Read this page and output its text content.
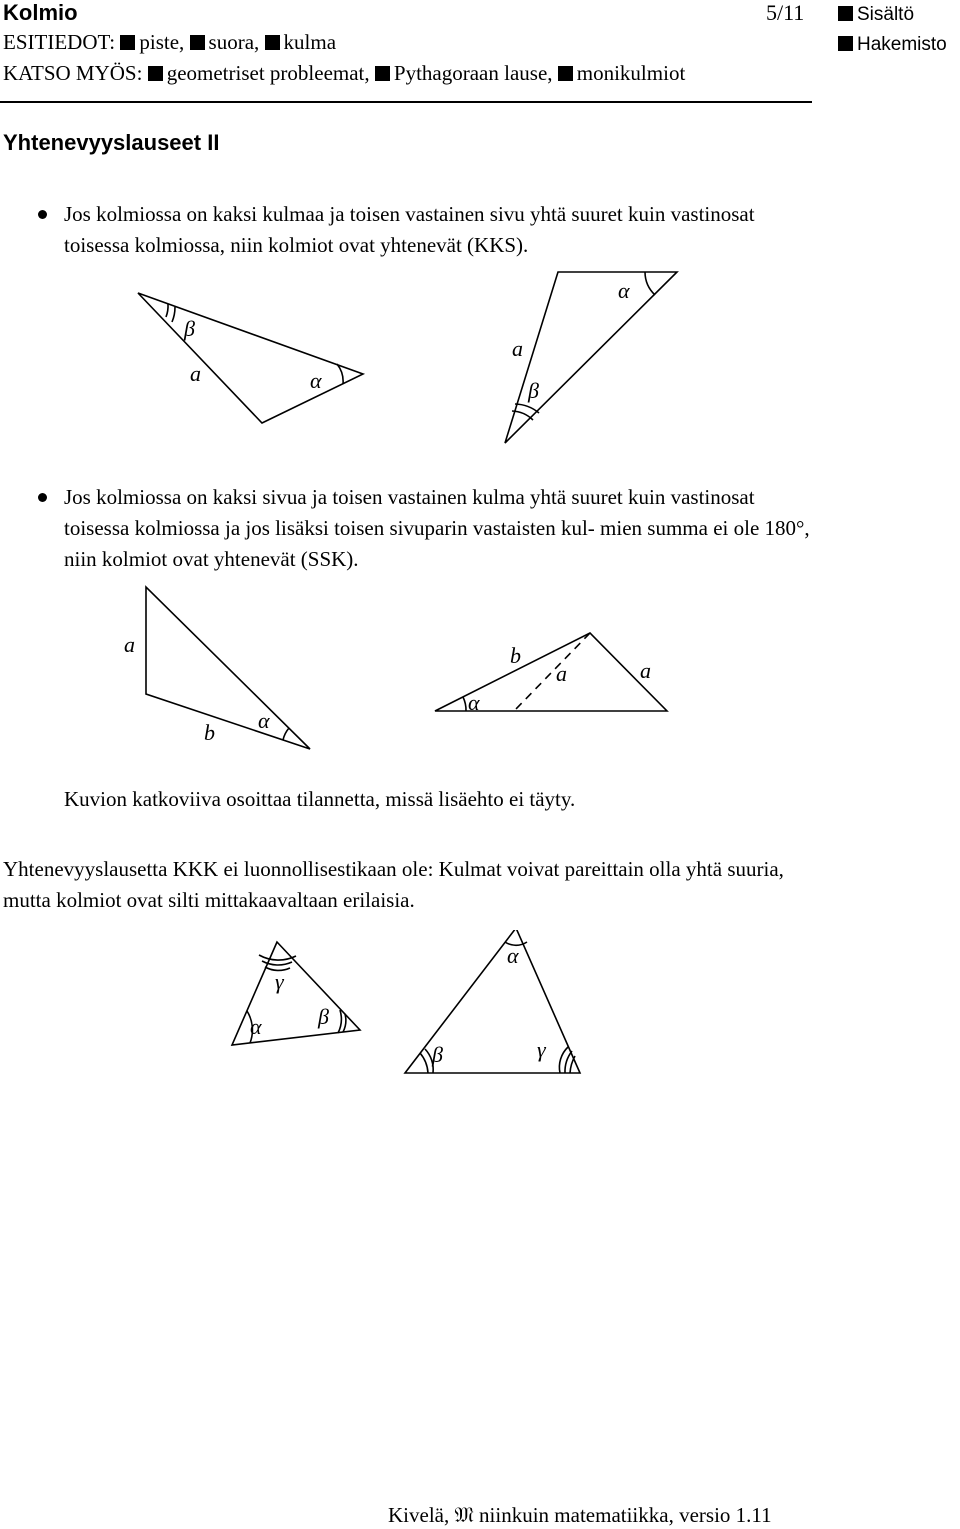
Kolmio	5/11	Sisältö
Hakemisto
ESITIEDOT: piste, suora, kulma
KATSO MYÖS: geometriset probleemat, Pythagoraan lause, monikulmiot
Yhtenevyyslauseet II
Jos kolmiossa on kaksi kulmaa ja toisen vastainen sivu yhtä suuret kuin vastinosat toisessa kolmiossa, niin kolmiot ovat yhtenevät (KKS).
β
a	α
α
a
β
Jos kolmiossa on kaksi sivua ja toisen vastainen kulma yhtä suuret kuin vastinosat toisessa kolmiossa ja jos lisäksi toisen sivuparin vastaisten kul- mien summa ei ole 180°, niin kolmiot ovat yhtenevät (SSK).
a
b α
b
a	a
α
Kuvion katkoviiva osoittaa tilannetta, missä lisäehto ei täyty.
Yhtenevyyslausetta KKK ei luonnollisestikaan ole: Kulmat voivat pareittain olla yhtä suuria, mutta kolmiot ovat silti mittakaavaltaan erilaisia.
γ
α	β
α
β	γ
Kivelä, 𝔐 niinkuin matematiikka, versio 1.11
